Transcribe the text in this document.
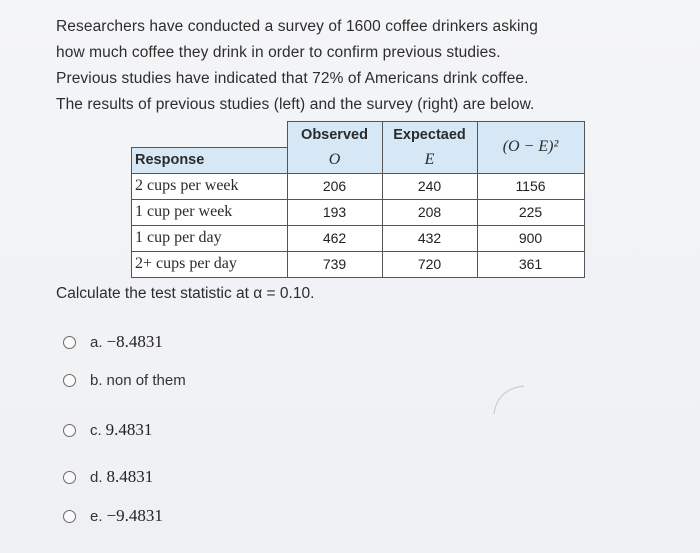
Researchers have conducted a survey of 1600 coffee drinkers asking
how much coffee they drink in order to confirm previous studies.
Previous studies have indicated that 72% of Americans drink coffee.
The results of previous studies (left) and the survey (right) are below.
	Observed	Expectaed	(O − E)²
Response	O	E	
2 cups per week	206	240	1156
1 cup per week	193	208	225
1 cup per day	462	432	900
2+ cups per day	739	720	361
Calculate the test statistic at α = 0.10.
a. −8.4831
b. non of them
c. 9.4831
d. 8.4831
e. −9.4831
